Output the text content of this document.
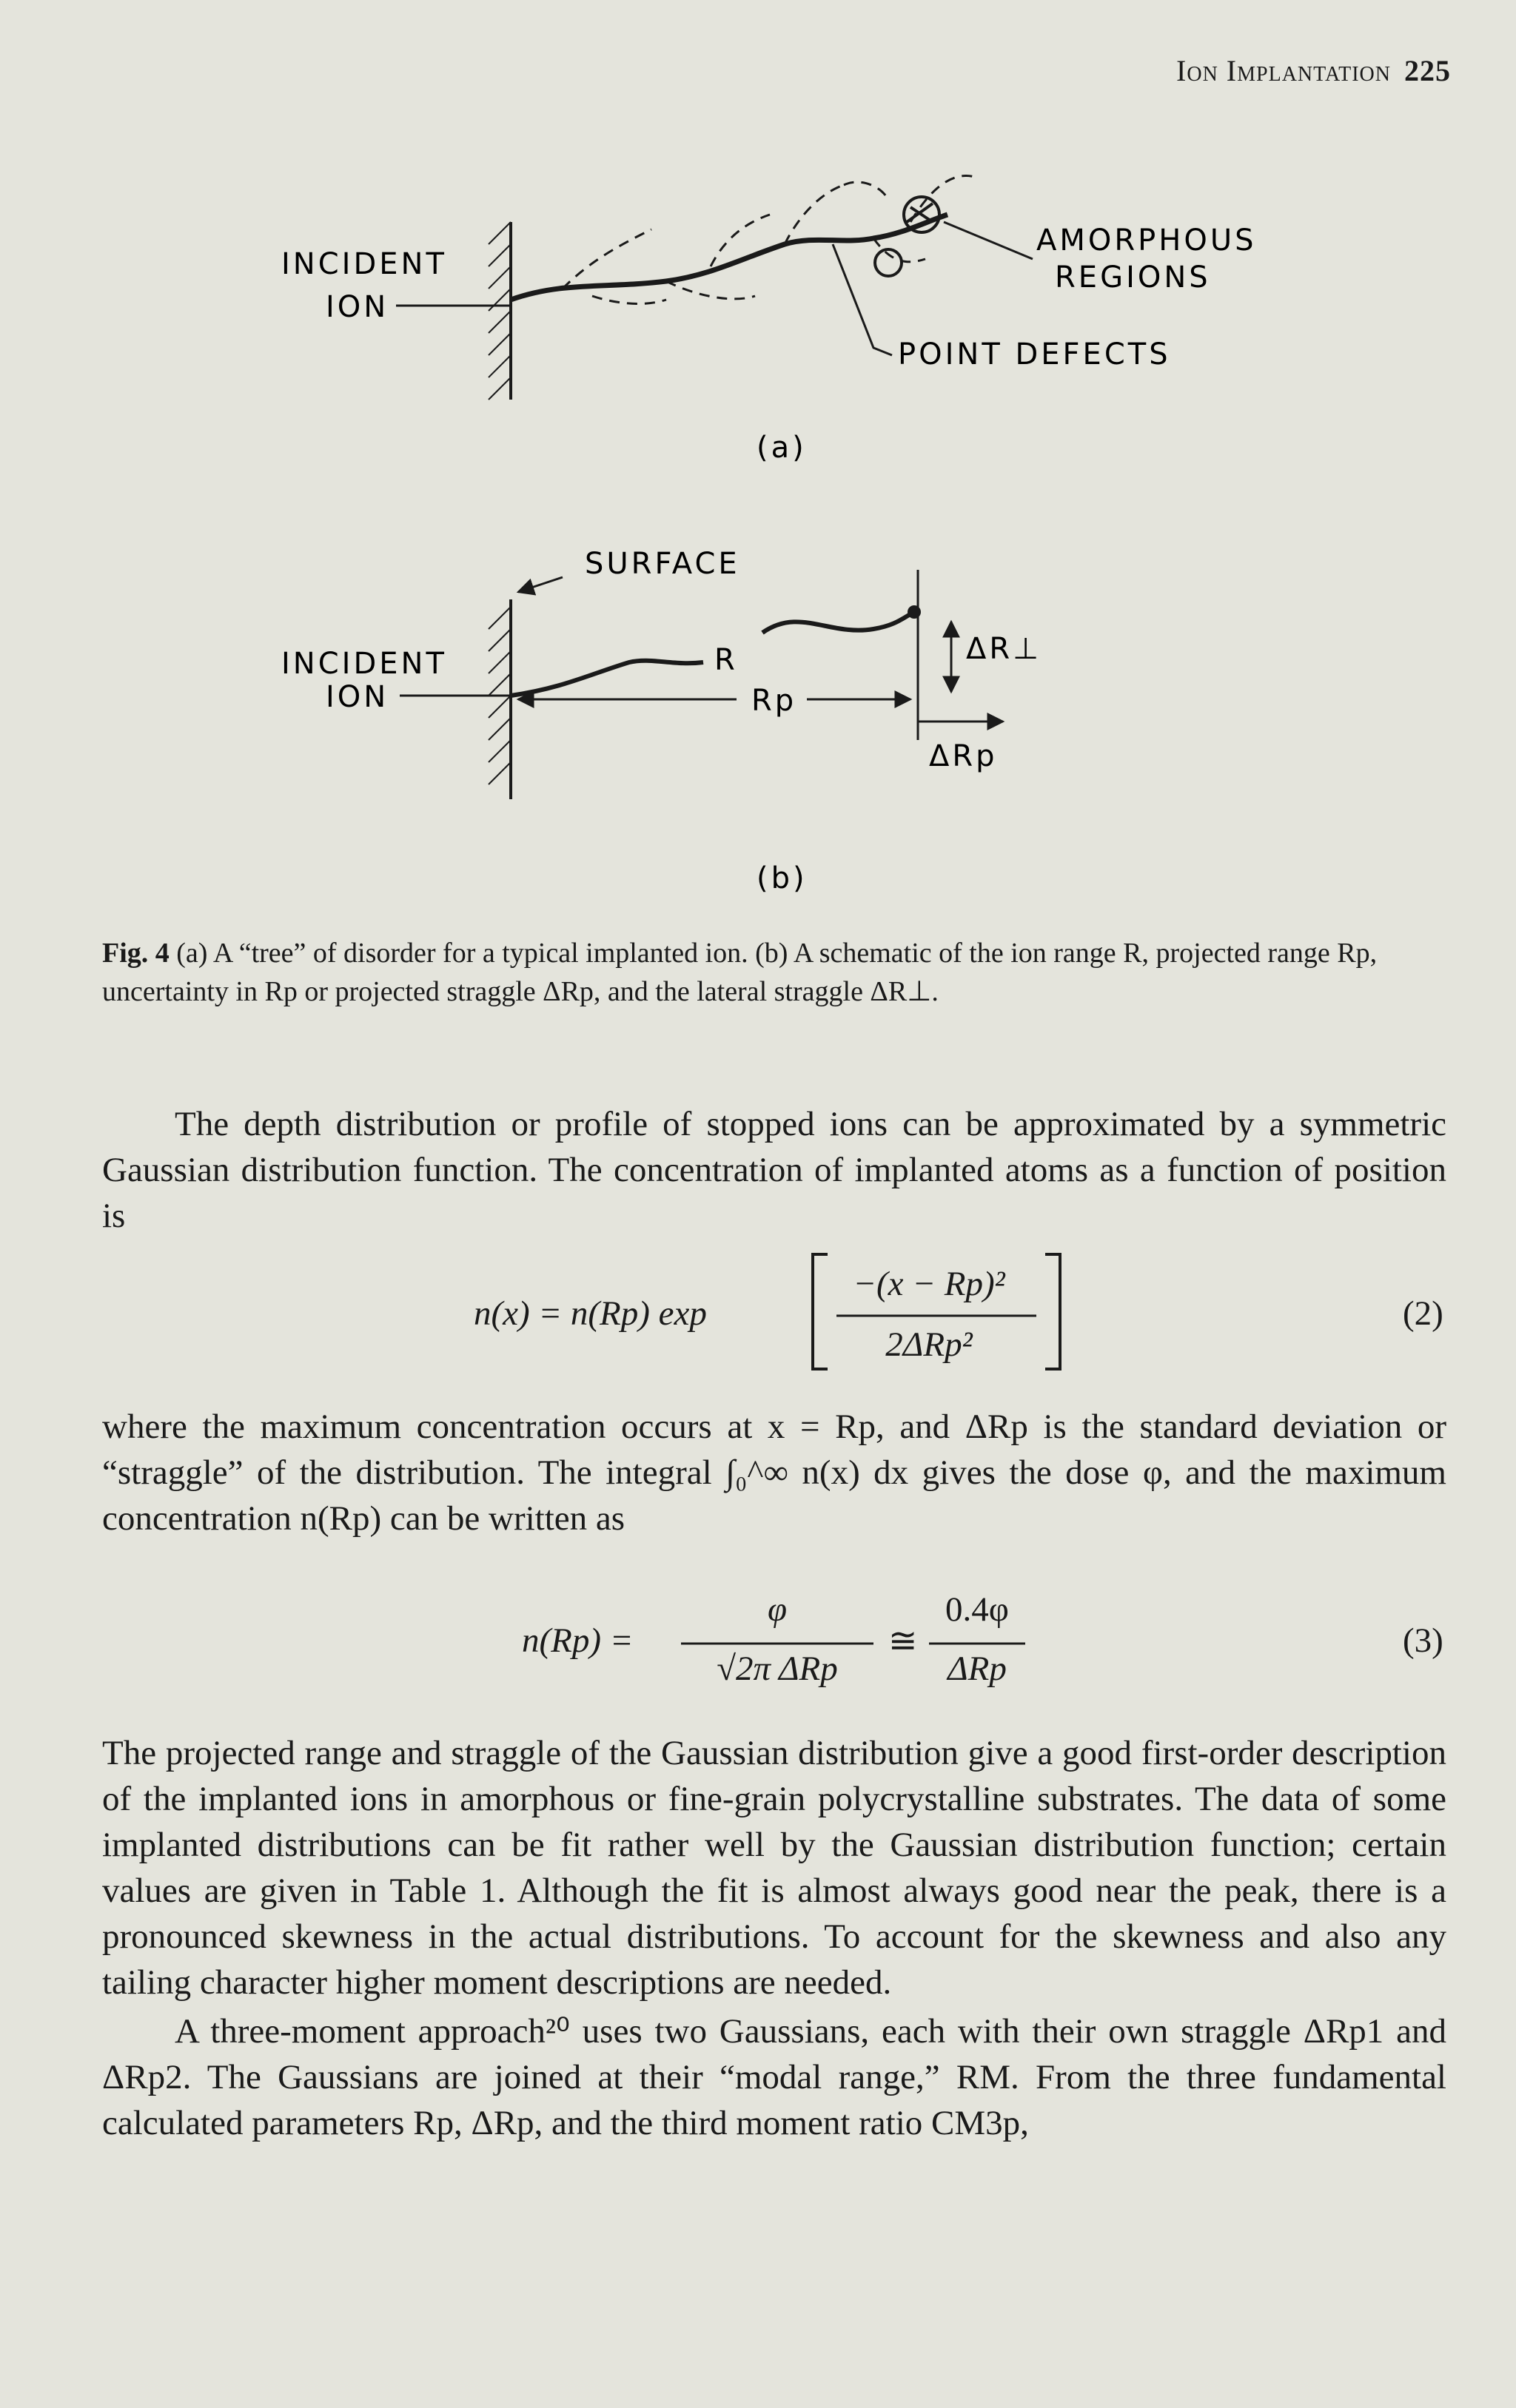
Ion Implantation 225
INCIDENT
ION
AMORPHOUS
REGIONS
POINT DEFECTS
(a)
SURFACE
INCIDENT
ION
R
Rp
ΔR⊥
ΔRp
(b)
Fig. 4 (a) A “tree” of disorder for a typical implanted ion. (b) A schematic of the ion range R, projected range Rp, uncertainty in Rp or projected straggle ΔRp, and the lateral straggle ΔR⊥.

The depth distribution or profile of stopped ions can be approximated by a symmetric Gaussian distribution function. The concentration of implanted atoms as a function of position is

n(x) = n(Rp) exp
−(x − Rp)²
2ΔRp²
(2)

where the maximum concentration occurs at x = Rp, and ΔRp is the standard deviation or “straggle” of the distribution. The integral ∫₀^∞ n(x) dx gives the dose φ, and the maximum concentration n(Rp) can be written as

n(Rp) =
φ
√2π ΔRp
≅
0.4φ
ΔRp
(3)

The projected range and straggle of the Gaussian distribution give a good first-order description of the implanted ions in amorphous or fine-grain polycrystalline substrates. The data of some implanted distributions can be fit rather well by the Gaussian distribution function; certain values are given in Table 1. Although the fit is almost always good near the peak, there is a pronounced skewness in the actual distributions. To account for the skewness and also any tailing character higher moment descriptions are needed.

A three-moment approach²⁰ uses two Gaussians, each with their own straggle ΔRp1 and ΔRp2. The Gaussians are joined at their “modal range,” RM. From the three fundamental calculated parameters Rp, ΔRp, and the third moment ratio CM3p,
